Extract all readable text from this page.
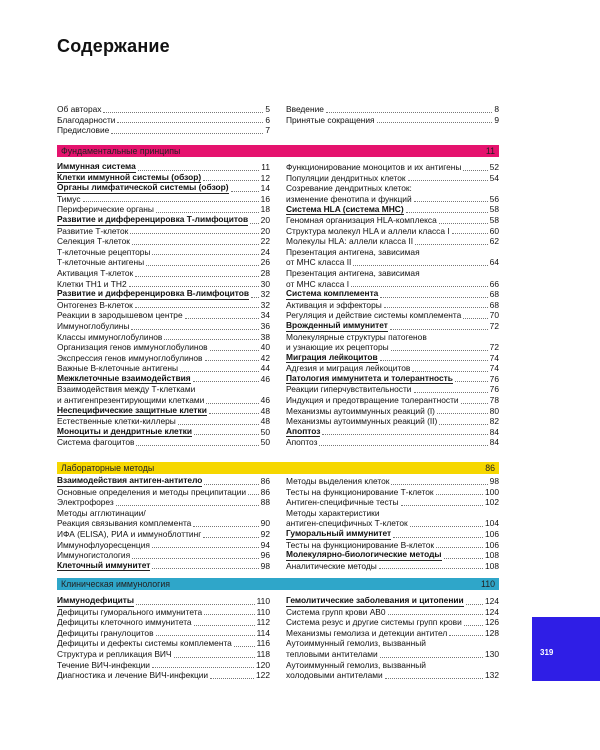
Содержание
Об авторах	5
Благодарности	6
Предисловие	7
Введение	8
Принятые сокращения	9
Фундаментальные принципы	11
Иммунная система	11
Клетки иммунной системы (обзор)	12
Органы лимфатической системы (обзор)	14
Тимус	16
Периферические органы	18
Развитие и дифференцировка Т-лимфоцитов 20
Развитие Т-клеток	20
Селекция Т-клеток	22
Т-клеточные рецепторы	24
Т-клеточные антигены	26
Активация Т-клеток	28
Клетки TH1 и TH2	30
Развитие и дифференцировка В-лимфоцитов 32
Онтогенез В-клеток	32
Реакции в зародышевом центре	34
Иммуноглобулины	36
Классы иммуноглобулинов	38
Организация генов иммуноглобулинов	40
Экспрессия генов иммуноглобулинов	42
Важные В-клеточные антигены	44
Межклеточные взаимодействия	46
Взаимодействия между Т-клетками
и антигенпрезентирующими клетками	46
Неспецифические защитные клетки	48
Естественные клетки-киллеры	48
Моноциты и дендритные клетки	50
Система фагоцитов	50
Функционирование моноцитов и их антигены	52
Популяции дендритных клеток	54
Созревание дендритных клеток:
изменение фенотипа и функций	56
Система HLA (система MHC)	58
Геномная организация HLA-комплекса	58
Структура молекул HLA и аллели класса I	60
Молекулы HLA: аллели класса II	62
Презентация антигена, зависимая
от MHC класса II	64
Презентация антигена, зависимая
от MHC класса I	66
Система комплемента	68
Активация и эффекторы	68
Регуляция и действие системы комплемента	70
Врожденный иммунитет	72
Молекулярные структуры патогенов
и узнающие их рецепторы	72
Миграция лейкоцитов	74
Адгезия и миграция лейкоцитов	74
Патология иммунитета и толерантность	76
Реакции гиперчувствительности	76
Индукция и предотвращение толерантности	78
Механизмы аутоиммунных реакций (I)	80
Механизмы аутоиммунных реакций (II)	82
Апоптоз	84
Апоптоз	84
Лабораторные методы	86
Взаимодействия антиген-антитело	86
Основные определения и методы преципитации 86
Электрофорез	88
Методы агглютинации/
Реакция связывания комплемента	90
ИФА (ELISA), РИА и иммуноблоттинг	92
Иммунофлуоресценция	94
Иммуногистология	96
Клеточный иммунитет	98
Методы выделения клеток	98
Тесты на функционирование Т-клеток	100
Антиген-специфичные тесты	102
Методы характеристики
антиген-специфичных Т-клеток	104
Гуморальный иммунитет	106
Тесты на функционирование В-клеток	106
Молекулярно-биологические методы	108
Аналитические методы	108
Клиническая иммунология	110
Иммунодефициты	110
Дефициты гуморального иммунитета	110
Дефициты клеточного иммунитета	112
Дефициты гранулоцитов	114
Дефициты и дефекты системы комплемента	116
Структура и репликация ВИЧ	118
Течение ВИЧ-инфекции	120
Диагностика и лечение ВИЧ-инфекции	122
Гемолитические заболевания и цитопении	124
Система групп крови AB0	124
Система резус и другие системы групп крови	126
Механизмы гемолиза и детекции антител	128
Аутоиммунный гемолиз, вызванный
тепловыми антителами	130
Аутоиммунный гемолиз, вызванный
холодовыми антителами	132
319
